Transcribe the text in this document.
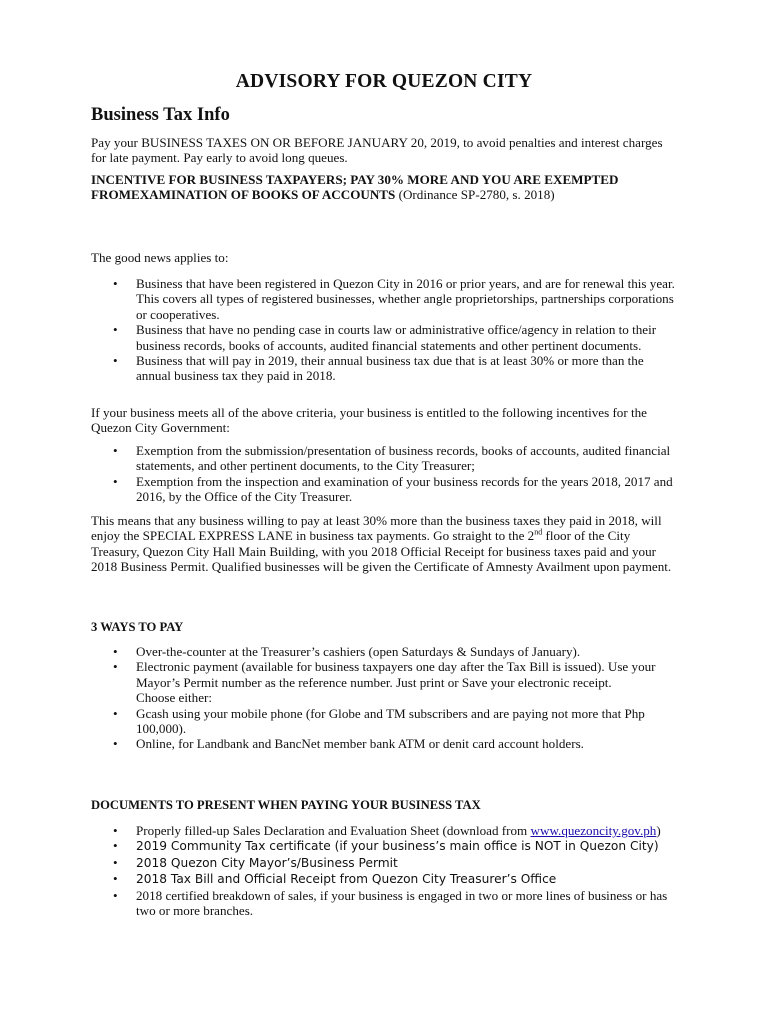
ADVISORY FOR QUEZON CITY
Business Tax Info

Pay your BUSINESS TAXES ON OR BEFORE JANUARY 20, 2019, to avoid penalties and interest charges for late payment. Pay early to avoid long queues.

INCENTIVE FOR BUSINESS TAXPAYERS; PAY 30% MORE AND YOU ARE EXEMPTED FROMEXAMINATION OF BOOKS OF ACCOUNTS (Ordinance SP-2780, s. 2018)

The good news applies to:

• Business that have been registered in Quezon City in 2016 or prior years, and are for renewal this year. This covers all types of registered businesses, whether angle proprietorships, partnerships corporations or cooperatives.
• Business that have no pending case in courts law or administrative office/agency in relation to their business records, books of accounts, audited financial statements and other pertinent documents.
• Business that will pay in 2019, their annual business tax due that is at least 30% or more than the annual business tax they paid in 2018.

If your business meets all of the above criteria, your business is entitled to the following incentives for the Quezon City Government:

• Exemption from the submission/presentation of business records, books of accounts, audited financial statements, and other pertinent documents, to the City Treasurer;
• Exemption from the inspection and examination of your business records for the years 2018, 2017 and 2016, by the Office of the City Treasurer.

This means that any business willing to pay at least 30% more than the business taxes they paid in 2018, will enjoy the SPECIAL EXPRESS LANE in business tax payments. Go straight to the 2nd floor of the City Treasury, Quezon City Hall Main Building, with you 2018 Official Receipt for business taxes paid and your 2018 Business Permit. Qualified businesses will be given the Certificate of Amnesty Availment upon payment.

3 WAYS TO PAY

• Over-the-counter at the Treasurer’s cashiers (open Saturdays & Sundays of January).
• Electronic payment (available for business taxpayers one day after the Tax Bill is issued). Use your Mayor’s Permit number as the reference number. Just print or Save your electronic receipt.
Choose either:
• Gcash using your mobile phone (for Globe and TM subscribers and are paying not more that Php 100,000).
• Online, for Landbank and BancNet member bank ATM or denit card account holders.

DOCUMENTS TO PRESENT WHEN PAYING YOUR BUSINESS TAX

• Properly filled-up Sales Declaration and Evaluation Sheet (download from www.quezoncity.gov.ph)
• 2019 Community Tax certificate (if your business’s main office is NOT in Quezon City)
• 2018 Quezon City Mayor’s/Business Permit
• 2018 Tax Bill and Official Receipt from Quezon City Treasurer’s Office
• 2018 certified breakdown of sales, if your business is engaged in two or more lines of business or has two or more branches.
